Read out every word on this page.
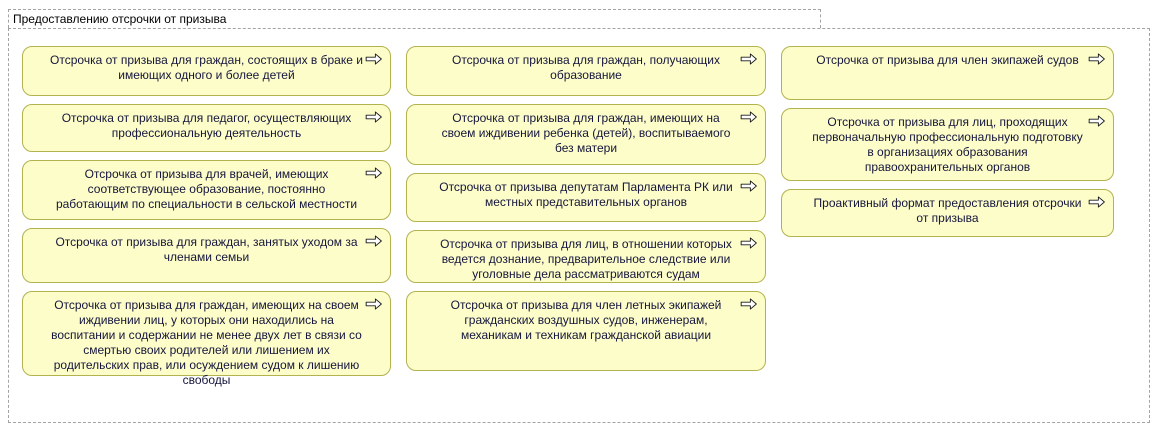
Предоставлению отсрочки от призыва
Отсрочка от призыва для граждан, состоящих в браке и имеющих одного и более детей
Отсрочка от призыва для педагог, осуществляющих профессиональную деятельность
Отсрочка от призыва для врачей, имеющих соответствующее образование, постоянно работающим по специальности в сельской местности
Отсрочка от призыва для граждан, занятых уходом за членами семьи
Отсрочка от призыва для граждан, имеющих на своем иждивении лиц, у которых они находились на воспитании и содержании не менее двух лет в связи со смертью своих родителей или лишением их родительских прав, или осуждением судом к лишению свободы
Отсрочка от призыва для граждан, получающих образование
Отсрочка от призыва для граждан, имеющих на своем иждивении ребенка (детей), воспитываемого без матери
Отсрочка от призыва депутатам Парламента РК или местных представительных органов
Отсрочка от призыва для лиц, в отношении которых ведется дознание, предварительное следствие или уголовные дела рассматриваются судам
Отсрочка от призыва для член летных экипажей гражданских воздушных судов, инженерам, механикам и техникам гражданской авиации
Отсрочка от призыва для член экипажей судов
Отсрочка от призыва для лиц, проходящих первоначальную профессиональную подготовку в организациях образования правоохранительных органов
Проактивный формат предоставления отсрочки от призыва
